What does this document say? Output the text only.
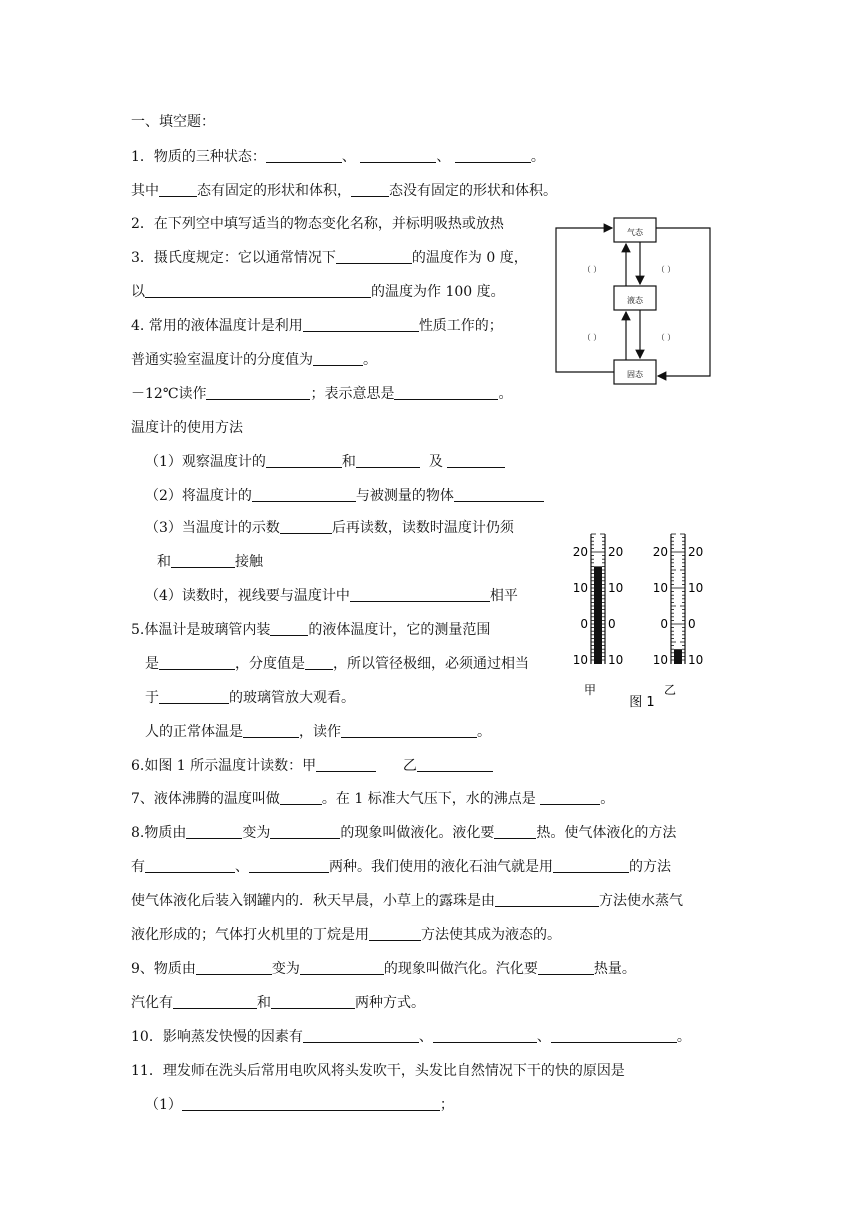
一、填空题：
1．物质的三种状态：	、	、	。
其中	态有固定的形状和体积，	态没有固定的形状和体积。
2．在下列空中填写适当的物态变化名称，并标明吸热或放热
3．摄氏度规定：它以通常情况下	的温度作为 0 度，
以	的温度为作 100 度。
4. 常用的液体温度计是利用	性质工作的；
普通实验室温度计的分度值为	。
－12℃读作	；表示意思是	。
温度计的使用方法
（1）观察温度计的	和	及
（2）将温度计的	与被测量的物体
（3）当温度计的示数	后再读数，读数时温度计仍须
和	接触
（4）读数时，视线要与温度计中	相平
5.体温计是玻璃管内装	的液体温度计，它的测量范围
是	，分度值是 ，所以管径极细，必须通过相当
于	的玻璃管放大观看。
人的正常体温是	，读作	。
6.如图 1 所示温度计读数：甲	乙
7、液体沸腾的温度叫做	。在 1 标准大气压下，水的沸点是	。
8.物质由	变为	的现象叫做液化。液化要	热。使气体液化的方法
有	、	两种。我们使用的液化石油气就是用	的方法
使气体液化后装入钢罐内的．秋天早晨，小草上的露珠是由	方法使水蒸气
液化形成的；气体打火机里的丁烷是用	方法使其成为液态的。
9、物质由	变为	的现象叫做汽化。汽化要	热量。
汽化有	和	两种方式。
10．影响蒸发快慢的因素有	、	、	。
11．理发师在洗头后常用电吹风将头发吹干，头发比自然情况下干的快的原因是
（1）	；
气态
液态
固态
（ ）	（ ）
（ ）	（ ）
20 20
10 10
0 0
10 10
20 20
10 10
0 0
10 10
甲	乙
图 1
